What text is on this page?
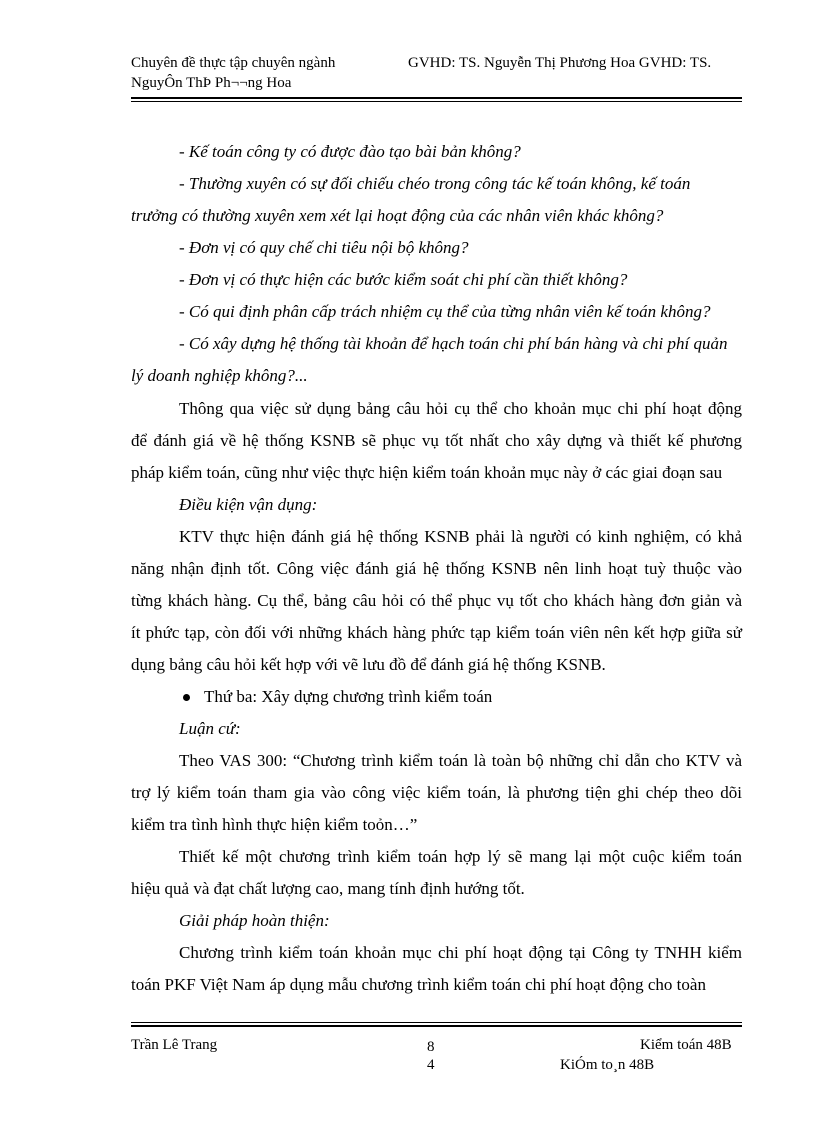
Chuyên đề thực tập chuyên ngành
NguyÔn ThÞ Ph¬¬ng Hoa
GVHD: TS. Nguyễn Thị Phương Hoa GVHD: TS.
- Kế toán công ty có được đào tạo bài bản không?
- Thường xuyên có sự đối chiếu chéo trong công tác kế toán không, kế toán
trưởng có thường xuyên xem xét lại hoạt động của các nhân viên khác không?
- Đơn vị có quy chế chi tiêu nội bộ không?
- Đơn vị có thực hiện các bước kiểm soát chi phí cần thiết không?
- Có qui định phân cấp trách nhiệm cụ thể của từng nhân viên kế toán không?
- Có xây dựng hệ thống tài khoản để hạch toán chi phí bán hàng và chi phí quản
lý doanh nghiệp không?...
Thông qua việc sử dụng bảng câu hỏi cụ thể cho khoản mục chi phí hoạt động
để đánh giá về hệ thống KSNB sẽ phục vụ tốt nhất cho xây dựng và thiết kế phương
pháp kiểm toán, cũng như việc thực hiện kiểm toán khoản mục này ở các giai đoạn sau
Điều kiện vận dụng:
KTV thực hiện đánh giá hệ thống KSNB phải là người có kinh nghiệm, có khả
năng nhận định tốt. Công việc đánh giá hệ thống KSNB nên linh hoạt tuỳ thuộc vào
từng khách hàng. Cụ thể, bảng câu hỏi có thể phục vụ tốt cho khách hàng đơn giản và
ít phức tạp, còn đối với những khách hàng phức tạp kiểm toán viên nên kết hợp giữa sử
dụng bảng câu hỏi kết hợp với vẽ lưu đồ để đánh giá hệ thống KSNB.
Thứ ba: Xây dựng chương trình kiểm toán
Luận cứ:
Theo VAS 300: “Chương trình kiểm toán là toàn bộ những chỉ dẫn cho KTV và
trợ lý kiểm toán tham gia vào công việc kiểm toán, là phương tiện ghi chép theo dõi
kiểm tra tình hình thực hiện kiểm toỏn…”
Thiết kế một chương trình kiểm toán hợp lý sẽ mang lại một cuộc kiểm toán
hiệu quả và đạt chất lượng cao, mang tính định hướng tốt.
Giải pháp hoàn thiện:
Chương trình kiểm toán khoản mục chi phí hoạt động tại Công ty TNHH kiểm
toán PKF Việt Nam áp dụng mẫu chương trình kiểm toán chi phí hoạt động cho toàn
Trần Lê Trang	8
4
Kiểm toán 48B
KiÓm to¸n 48B
